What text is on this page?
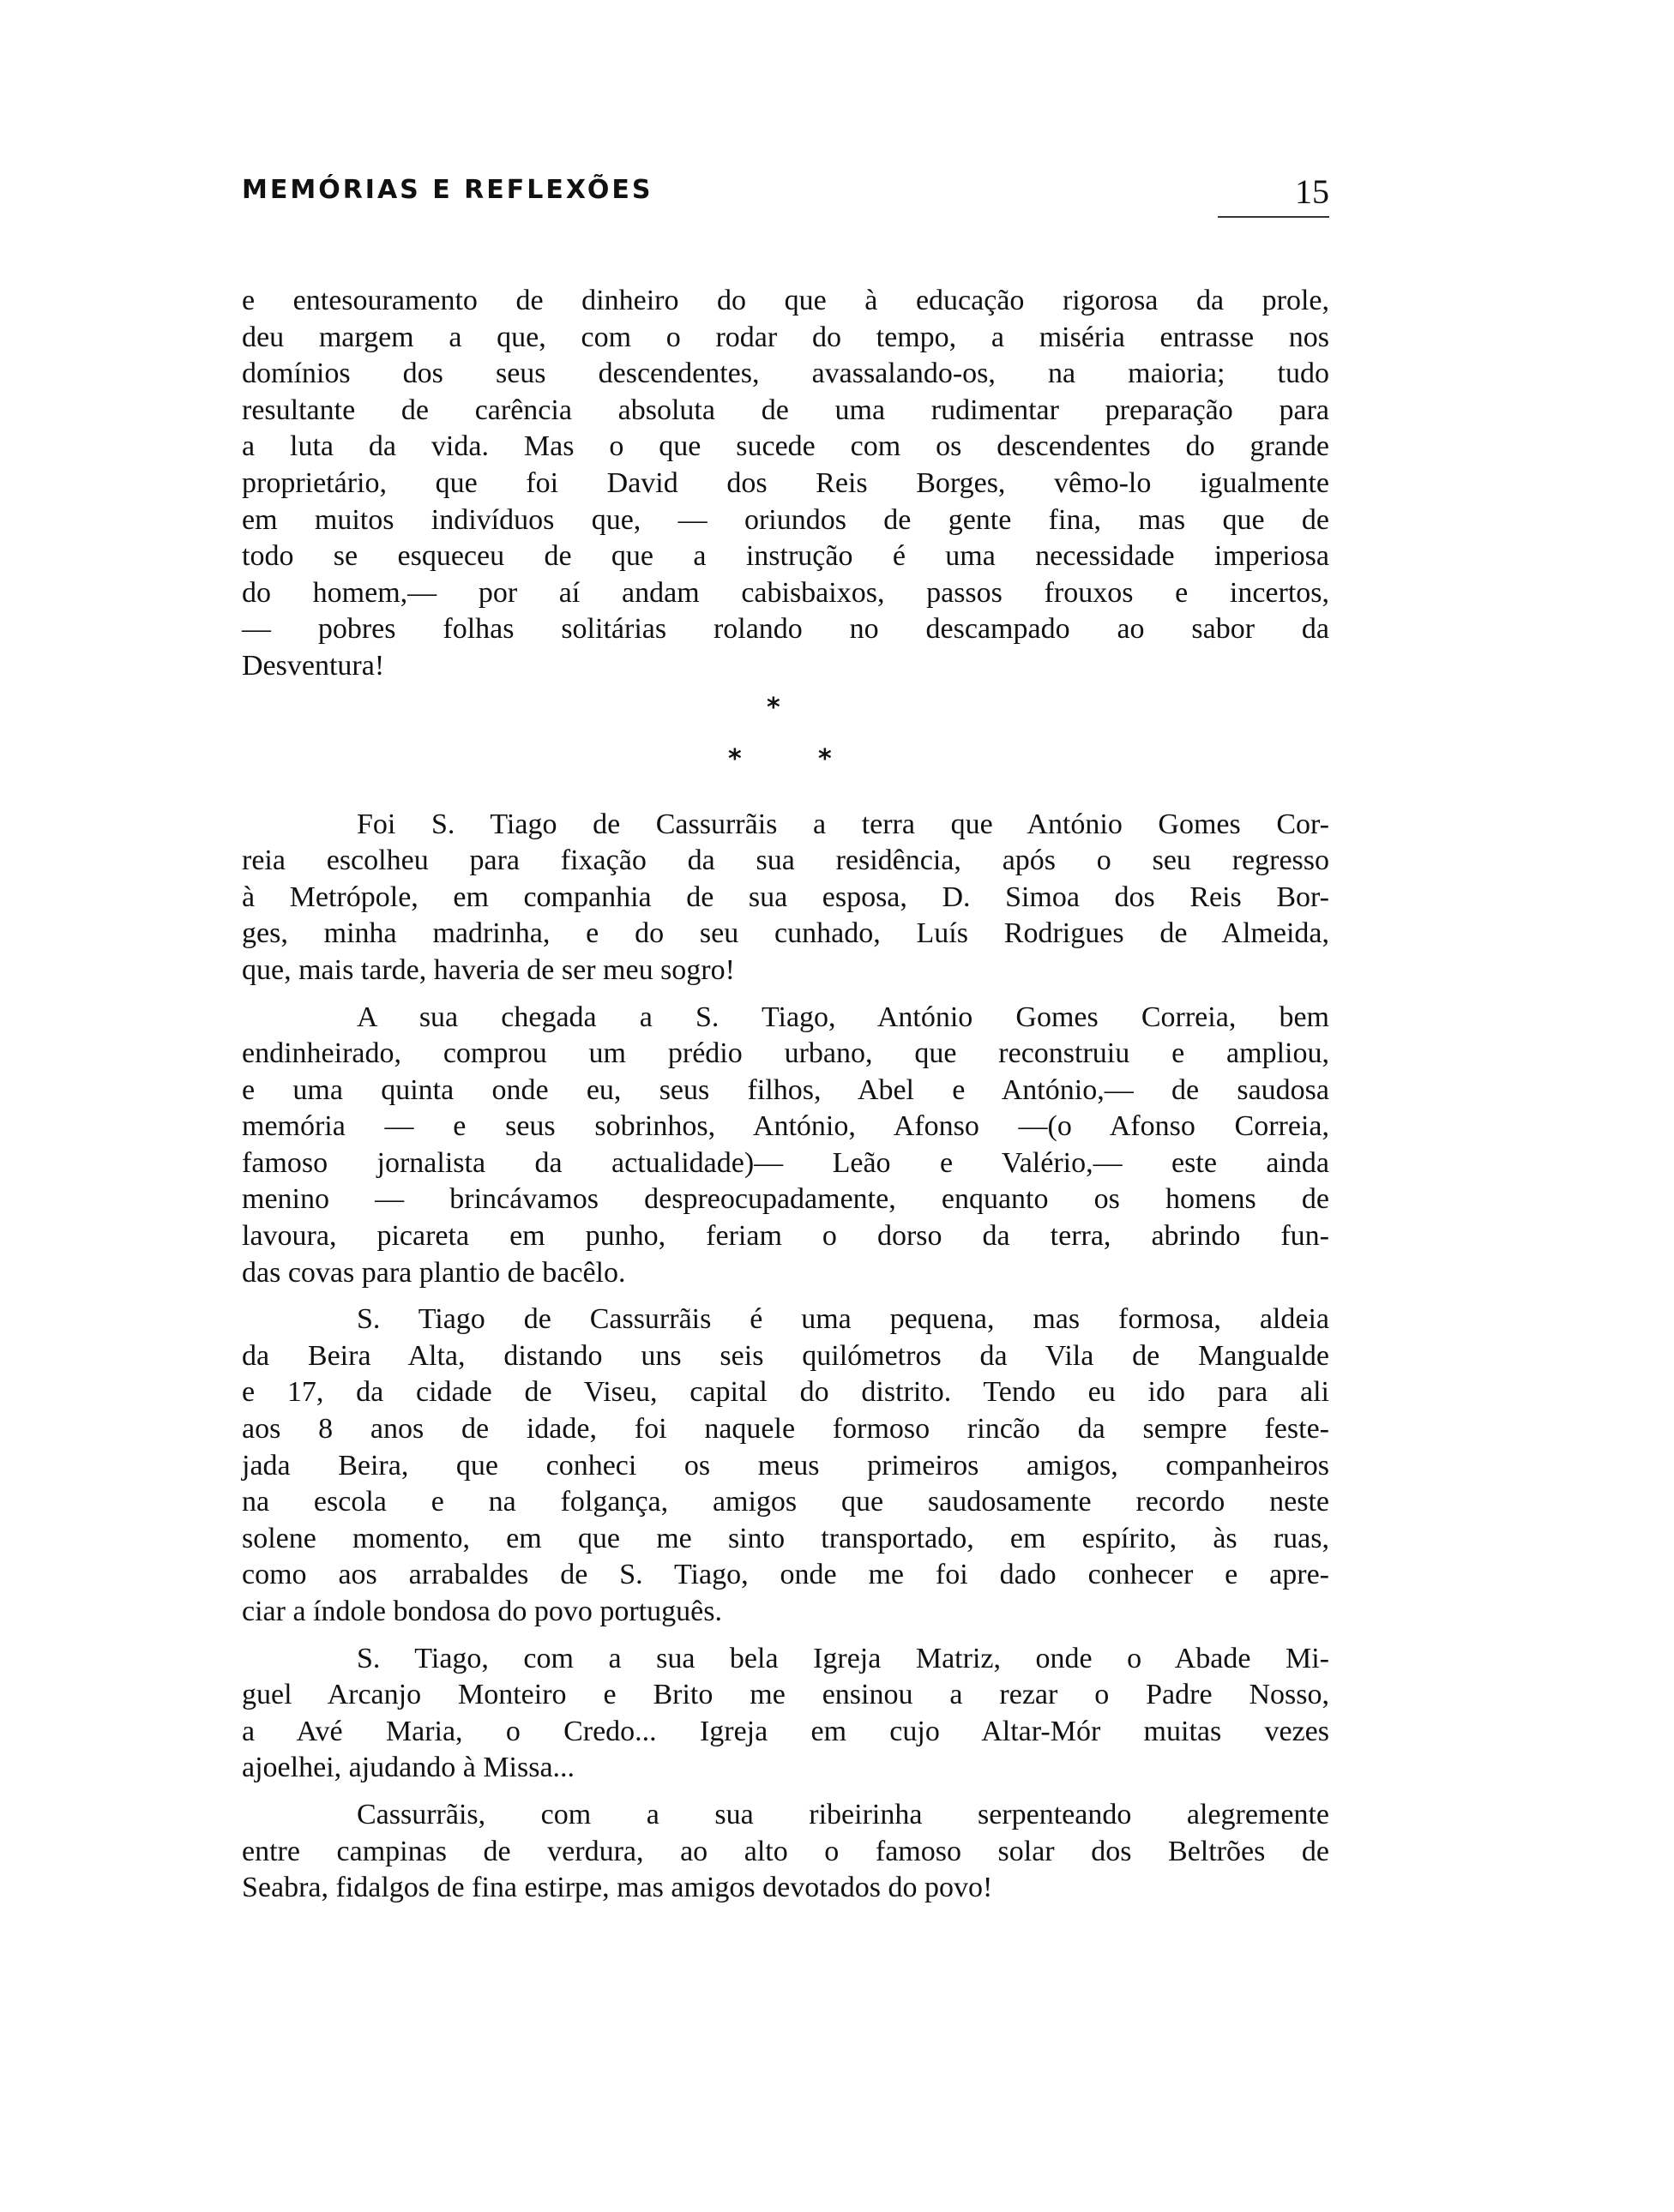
MEMÓRIAS E REFLEXÕES	15
e entesouramento de dinheiro do que à educação rigorosa da prole,
deu margem a que, com o rodar do tempo, a miséria entrasse nos
domínios dos seus descendentes, avassalando-os, na maioria; tudo
resultante de carência absoluta de uma rudimentar preparação para
a luta da vida. Mas o que sucede com os descendentes do grande
proprietário, que foi David dos Reis Borges, vêmo-lo igualmente
em muitos indivíduos que, — oriundos de gente fina, mas que de
todo se esqueceu de que a instrução é uma necessidade imperiosa
do homem,— por aí andam cabisbaixos, passos frouxos e incertos,
— pobres folhas solitárias rolando no descampado ao sabor da
Desventura!
*
*	*
Foi S. Tiago de Cassurrãis a terra que António Gomes Cor-
reia escolheu para fixação da sua residência, após o seu regresso
à Metrópole, em companhia de sua esposa, D. Simoa dos Reis Bor-
ges, minha madrinha, e do seu cunhado, Luís Rodrigues de Almeida,
que, mais tarde, haveria de ser meu sogro!
A sua chegada a S. Tiago, António Gomes Correia, bem
endinheirado, comprou um prédio urbano, que reconstruiu e ampliou,
e uma quinta onde eu, seus filhos, Abel e António,— de saudosa
memória — e seus sobrinhos, António, Afonso —(o Afonso Correia,
famoso jornalista da actualidade)— Leão e Valério,— este ainda
menino — brincávamos despreocupadamente, enquanto os homens de
lavoura, picareta em punho, feriam o dorso da terra, abrindo fun-
das covas para plantio de bacêlo.
S. Tiago de Cassurrãis é uma pequena, mas formosa, aldeia
da Beira Alta, distando uns seis quilómetros da Vila de Mangualde
e 17, da cidade de Viseu, capital do distrito. Tendo eu ido para ali
aos 8 anos de idade, foi naquele formoso rincão da sempre feste-
jada Beira, que conheci os meus primeiros amigos, companheiros
na escola e na folgança, amigos que saudosamente recordo neste
solene momento, em que me sinto transportado, em espírito, às ruas,
como aos arrabaldes de S. Tiago, onde me foi dado conhecer e apre-
ciar a índole bondosa do povo português.
S. Tiago, com a sua bela Igreja Matriz, onde o Abade Mi-
guel Arcanjo Monteiro e Brito me ensinou a rezar o Padre Nosso,
a Avé Maria, o Credo... Igreja em cujo Altar-Mór muitas vezes
ajoelhei, ajudando à Missa...
Cassurrãis, com a sua ribeirinha serpenteando alegremente
entre campinas de verdura, ao alto o famoso solar dos Beltrões de
Seabra, fidalgos de fina estirpe, mas amigos devotados do povo!
